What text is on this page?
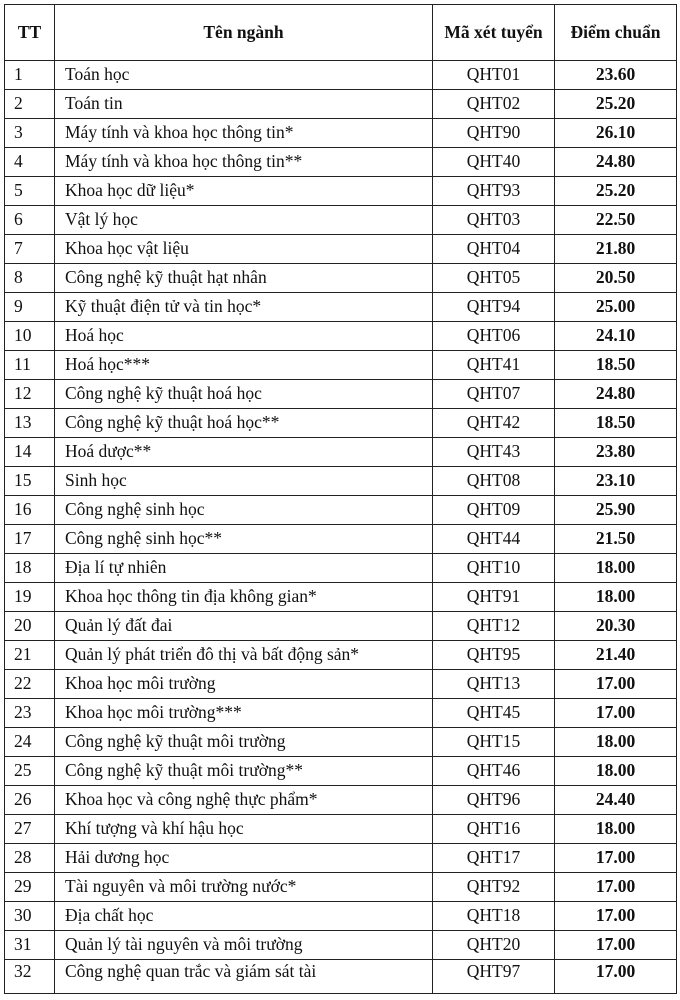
TT	Tên ngành	Mã xét tuyển	Điểm chuẩn
1	Toán học	QHT01	23.60
2	Toán tin	QHT02	25.20
3	Máy tính và khoa học thông tin*	QHT90	26.10
4	Máy tính và khoa học thông tin**	QHT40	24.80
5	Khoa học dữ liệu*	QHT93	25.20
6	Vật lý học	QHT03	22.50
7	Khoa học vật liệu	QHT04	21.80
8	Công nghệ kỹ thuật hạt nhân	QHT05	20.50
9	Kỹ thuật điện tử và tin học*	QHT94	25.00
10	Hoá học	QHT06	24.10
11	Hoá học***	QHT41	18.50
12	Công nghệ kỹ thuật hoá học	QHT07	24.80
13	Công nghệ kỹ thuật hoá học**	QHT42	18.50
14	Hoá dược**	QHT43	23.80
15	Sinh học	QHT08	23.10
16	Công nghệ sinh học	QHT09	25.90
17	Công nghệ sinh học**	QHT44	21.50
18	Địa lí tự nhiên	QHT10	18.00
19	Khoa học thông tin địa không gian*	QHT91	18.00
20	Quản lý đất đai	QHT12	20.30
21	Quản lý phát triển đô thị và bất động sản*	QHT95	21.40
22	Khoa học môi trường	QHT13	17.00
23	Khoa học môi trường***	QHT45	17.00
24	Công nghệ kỹ thuật môi trường	QHT15	18.00
25	Công nghệ kỹ thuật môi trường**	QHT46	18.00
26	Khoa học và công nghệ thực phẩm*	QHT96	24.40
27	Khí tượng và khí hậu học	QHT16	18.00
28	Hải dương học	QHT17	17.00
29	Tài nguyên và môi trường nước*	QHT92	17.00
30	Địa chất học	QHT18	17.00
31	Quản lý tài nguyên và môi trường	QHT20	17.00
32	Công nghệ quan trắc và giám sát tài	QHT97	17.00
